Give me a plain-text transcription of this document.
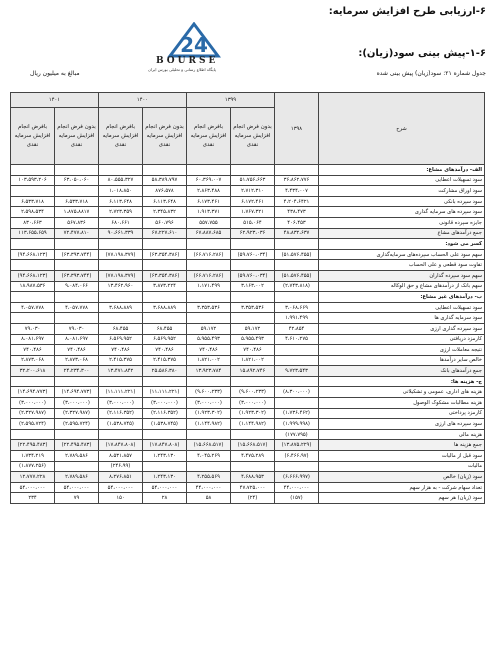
۶-ارزیابی طرح افزایش سرمایه:
24
BOURSE
پایگاه اطلاع رسانی و تحلیلی بورس ایران
۱-۶-پیش بینی سود(زیان):
جدول شماره ۲۱: سود(زیان) پیش بینی شده
مبالغ به میلیون ریال
۱۴۰۱		۱۴۰۰		۱۳۹۹		۱۳۹۸	شرح
بافرض انجام افزایش سرمایه نقدی	بدون فرض انجام افزایش سرمایه نقدی	بافرض انجام افزایش سرمایه نقدی	بدون فرض انجام افزایش سرمایه نقدی	بافرض انجام افزایش سرمایه نقدی	بدون فرض انجام افزایش سرمایه نقدی		
							الف- درآمدهای مشاع:
۱۰۳،۵۹۳،۲۰۶	۶۳،۰۵۰،۰۶۰	۸۰،۵۵۵،۳۲۷	۵۸،۳۸۹،۷۹۷	۶۰،۳۶۹،۰۰۷	۵۱،۷۵۶،۶۶۳	۳۶،۸۶۲،۷۷۶	سود تسهیلات اعطایی
		۱،۰۱۸،۸۵۰	۸۷۶،۵۷۸	۲،۸۶۳،۴۸۸	۲،۷۱۲،۳۱۰	۴،۴۳۴،۰۰۷	سود اوراق مشارکت
۶،۵۳۳،۷۱۸	۶،۵۳۳،۷۱۸	۶،۱۱۳،۶۴۸	۶،۱۱۳،۶۴۸	۶،۱۷۳،۴۶۱	۶،۱۷۲،۴۶۱	۴،۲۰۴،۶۴۲۱	سود سپرده بانکی
۲،۵۹۸،۵۳۴	۱،۸۷۵،۸۸۱۷	۲،۷۲۳،۳۵۹	۲،۳۴۵،۸۳۲	۱،۹۱۳،۳۷۱	۱،۷۶۷،۳۲۱	۴۳۸،۴۷۳	سود سپرده های سرمایه گذاری
۸۳۰،۶۶۳	۵۶۷،۸۳۶	۶۸۰،۶۶۱	۵۶۰،۷۹۶	۵۵۷،۷۵۵	۵۱۵،۰۶۴	۴۰۶،۴۵۳	جایزه سپرده قانونی
۱۱۳،۶۵۵،۶۵۹	۷۲،۴۷۷،۸۱۰	۹۰،۶۶۱،۳۳۹	۶۷،۲۲۷،۶۱۰	۶۷،۸۸۷،۶۸۵	۶۲،۹۲۳،۰۳۶	۴۸،۸۳۲،۶۳۷	جمع درآمدهای مشاع
							کسر می شود:
(۹۴،۶۶۸،۱۲۳)	(۶۳،۳۹۳،۷۴۴)	(۷۷،۱۹۸،۳۷۹)	(۶۳،۳۵۴،۳۸۶)	(۶۶،۷۱۶،۲۸۶)	(۵۹،۷۶۰،۰۳۴)	(۵۱،۵۷۶،۴۵۵)	سهم سود علی الحساب سپرده‌های سرمایه‌گذاری
							تفاوت سود قطعی و علی الحساب
(۹۴،۶۶۸،۱۲۳)	(۶۳،۳۹۳،۷۴۴)	(۷۷،۱۹۸،۳۷۹)	(۶۳،۳۵۴،۳۸۶)	(۶۶،۷۱۶،۲۸۶)	(۵۹،۷۶۰،۰۳۴)	(۵۱،۵۷۶،۴۵۵)	سهم سود سپرده گذاران
۱۸،۹۸۷،۵۳۶	۹،۰۸۴،۰۶۶	۱۳،۴۶۲،۹۶۰	۳،۸۷۳،۲۲۴	۱،۱۷۱،۴۹۹	۳،۱۶۳،۰۰۲	(۲،۷۴۳،۸۱۸)	سهم بانک از درآمدهای مشاع و حق الوکاله
							ب- درآمدهای غیر مشاع:
۴،۰۵۷،۷۷۸	۴،۰۵۷،۷۷۸	۳،۶۸۸،۸۸۹	۳،۶۸۸،۸۸۹	۳،۳۵۳،۵۳۶	۳،۳۵۳،۵۳۶	۳،۰۶۸،۶۶۹	سود تسهیلات اعطایی
						۱،۹۹۱،۴۹۹	سود سرمایه گذاری ها
۷۹،۰۳۰	۷۹،۰۳۰	۶۸،۴۵۵	۶۸،۴۵۵	۵۹،۱۷۲	۵۹،۱۷۲	۴۲،۸۵۴	سود سپرده گذاری ارزی
۸،۰۸۱،۶۹۷	۸،۰۸۱،۶۹۷	۶،۵۶۹،۹۵۲	۶،۵۶۹،۹۵۲	۵،۹۵۵،۴۹۳	۵،۹۵۵،۴۹۳	۴،۶۱۰،۲۷۵	کارمزد دریافتی
۷۴۰،۴۸۶	۷۴۰،۴۸۶	۷۴۰،۴۸۶	۷۴۰،۴۸۶	۷۴۰،۴۸۶	۷۴۰،۴۸۶		نتیجه معاملات ارزی
۲،۸۷۳،۰۶۸	۲،۸۷۳،۰۶۸	۲،۴۱۵،۳۷۵	۲،۴۱۵،۳۷۵	۱،۸۲۱،۰۰۲	۱،۸۲۱،۰۰۲		خالص سایر درآمدها
۳۲،۲۰۰،۶۱۸	۲۴،۲۳۴،۳۰۰	۱۳،۴۷۱،۸۴۲	۲۵،۵۸۶،۳۸۰	۱۳،۹۲۳،۷۸۴	۱۵،۸۹۲،۷۴۶	۹،۷۲۳،۵۴۳	جمع درآمدهای بانک
							ج- هزینه ها:
(۱۴،۶۹۴،۷۷۳)	(۱۴،۶۹۴،۷۷۳)	(۱۱،۱۱۱،۲۲۱)	(۱۱،۱۱۱،۲۲۱)	(۹،۶۰۰،۲۳۳)	(۹،۶۰۰،۲۳۳)	(۸،۳۰۰،۰۰۰)	هزینه های اداری، عمومی و تشکیلاتی
(۳،۰۰۰،۰۰۰)	(۳،۰۰۰،۰۰۰)	(۳،۰۰۰،۰۰۰)	(۳،۰۰۰،۰۰۰)	(۳،۰۰۰،۰۰۰)	(۳،۰۰۰،۰۰۰)		هزینه مطالبات مشکوک الوصول
(۲،۳۲۷،۹۸۷)	(۲،۳۲۷،۹۸۷)	(۲،۱۱۶،۳۵۲)	(۲،۱۱۶،۳۵۲)	(۱،۹۲۳،۳۰۲)	(۱،۹۲۳،۳۰۲)	(۱،۷۳۶،۴۶۲)	کارمزد پرداختی
(۲،۵۹۵،۷۲۴)	(۲،۵۹۵،۷۲۴)	(۱،۵۳۸،۷۴۵)	(۱،۵۳۸،۷۴۵)	(۱،۱۴۴،۹۸۲)	(۱،۱۴۴،۹۸۲)	(۱،۹۹۹،۹۹۸)	سود سپرده های ارزی
						(۱۷۷،۷۹۵)	هزینه مالی
(۲۲،۴۹۵،۴۸۳)	(۲۲،۴۹۵،۴۸۳)	(۱۷،۸۴۷،۸۰۸)	(۱۷،۸۴۷،۸۰۸)	(۱۵،۶۶۸،۵۱۷)	(۱۵،۶۶۸،۵۱۷)	(۱۳،۸۷۵،۲۲۹)	جمع هزینه ها
۱،۷۳۴،۲۱۹	۲،۷۸۹،۵۸۶	۸،۵۳۱،۸۵۷	۱،۲۴۳،۱۳۰	۴،۰۴۵،۲۶۹	۴،۴۷۵،۲۸۹	(۶،۴۶۶،۹۷)	سود قبل از مالیات
(۱،۸۷۷،۲۵۶)		(۲۴۶،۹۹)					مالیات
۱۲،۷۷۷،۲۲۸	۲،۷۸۹،۵۸۶	۸،۲۷۶،۸۵۱	۱،۲۴۳،۱۳۰	۴،۲۵۵،۵۶۹	۴،۶۸۸،۹۵۳	(۶،۶۶۶،۹۹۷)	سود (زیان) خالص
۵۴،۰۰۰،۰۰۰	۵۴،۰۰۰،۰۰۰	۵۴،۰۰۰،۰۰۰	۵۴،۰۰۰،۰۰۰	۴۴،۰۰۰،۰۰۰	۴۷،۷۲۵،۰۰۰	۴۴،۰۰۰،۰۰۰	تعداد سهام شرکت - به هزار سهم
۲۳۴	۷۹	۱۵۰	۲۸	۵۸	(۲۴)	(۱۵۷)	سود (زیان) هر سهم
